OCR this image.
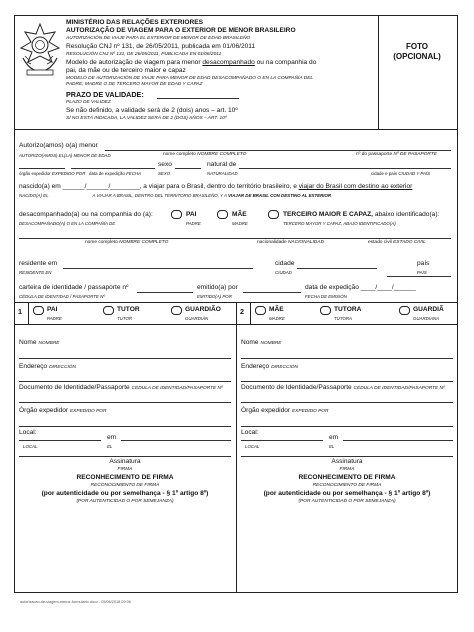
MINISTÉRIO DAS RELAÇÕES EXTERIORES
AUTORIZAÇÃO DE VIAGEM PARA O EXTERIOR DE MENOR BRASILEIRO
AUTORIZACIÓN DE VIAJE PARA EL EXTERIOR DE MENOR DE EDAD BRASILEÑO
Resolução CNJ nº 131, de 26/05/2011, publicada em 01/06/2011
RESOLUCIÓN CNJ Nº 131, DE 26/05/2011, PUBLICADA EN 01/06/2011
Modelo de autorização de viagem para menor desacompanhado ou na companhia do
pai, da mãe ou de terceiro maior e capaz
MODELO DE AUTORIZACIÓN DE VIAJE PARA MENOR DE EDAD DESACOMPAÑADO O EN LA COMPAÑÍA DEL
PADRE, MADRE O DE TERCERO MAYOR DE EDAD Y CAPAZ
PRAZO DE VALIDADE:
PLAZO DE VALIDEZ
Se não definido, a validade será de 2 (dois) anos – art. 10º
SÍ NO ESTÁ INDICADA, LA VALIDEZ SERÁ DE 2 (DOS) AÑOS – ART. 10º
FOTO
(OPCIONAL)
Autorizo(amos) o(a) menor
AUTORIZO(AMOS) EL(LA) MENOR DE EDAD	nome completo NOMBRE COMPLETO	nº do passaporte Nº DE PASAPORTE
sexo	natural de
órgão expedidor EXPEDIDO POR data de expedição FECHA	SEXO	NATURALIDAD	cidade e país CIUDAD Y PAÍS
nascido(a) em ______/______/________, a viajar para o Brasil, dentro do território brasileiro, e viajar do Brasil com destino ao exterior
NACIDO(A) EL	A VIAJAR A BRASIL, DENTRO DEL TERRITORIO BRASILEÑO, Y A VIAJAR DE BRASIL CON DESTINO AL EXTERIOR
desacompanhado(a) ou na companhia do (a):
DESACOMPAÑADO(A) O EN LA COMPAÑÍA DE
PAI
PADRE
MÃE
MADRE
TERCEIRO MAIOR E CAPAZ, abaixo identificado(a):
TERCERO MAYOR Y CAPAZ, ABAJO IDENTIFICADO(A)
nome completo NOMBRE COMPLETO	nacionalidade NACIONALIDAD	estado civil ESTADO CIVIL
residente em	cidade	país
RESIDENTE EN	CIUDAD	PAÍS
carteira de identidade / passaporte nº	emitido(a) por	data de expedição ____/____/______
CÉDULA DE IDENTIDAD / PASAPORTE Nº	EMITIDO(A) POR	FECHA DE EMISIÓN
1	PAI
PADRE
TUTOR
TUTOR
GUARDIÃO
GUARDIÁN
2	MÃE
MADRE
TUTORA
TUTORA
GUARDIÃ
GUARDIANA
Nome NOMBRE
Endereço DIRECCIÓN
Documento de Identidade/Passaporte CÉDULA DE IDENTIDAD/PASAPORTE Nº
Órgão expedidor EXPEDIDO POR
Local:
em
LOCAL	EL
Assinatura
FIRMA
RECONHECIMENTO DE FIRMA
RECONOCIMIENTO DE FIRMA
(por autenticidade ou por semelhança - § 1º artigo 8º)
(POR AUTENTICIDAD O POR SEMEJANZA)
Nome NOMBRE
Endereço DIRECCIÓN
Documento de Identidade/Passaporte CÉDULA DE IDENTIDAD/PASAPORTE Nº
Órgão expedidor EXPEDIDO POR
Local:
em
LOCAL	EL
Assinatura
FIRMA
RECONHECIMENTO DE FIRMA
RECONOCIMIENTO DE FIRMA
(por autenticidade ou por semelhança - § 1º artigo 8º)
(POR AUTENTICIDAD O POR SEMEJANZA)
autorizacao-de-viagem-menor-formulario.docx - 05/06/2018 09:06
